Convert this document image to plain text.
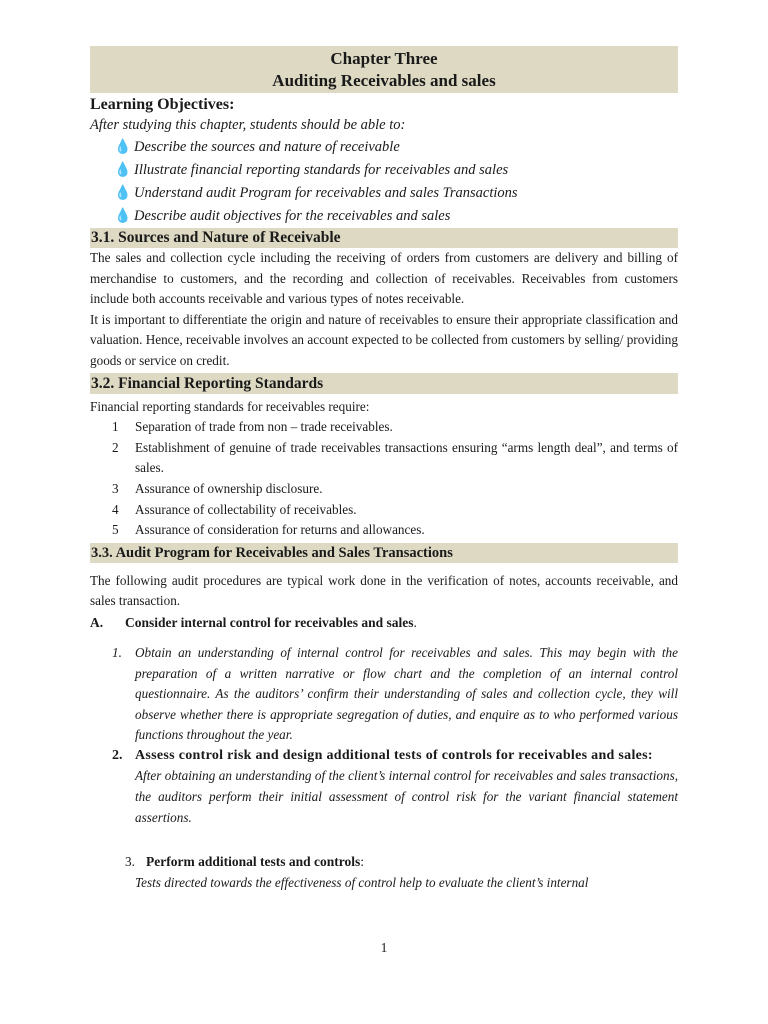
Chapter Three
Auditing Receivables and sales
Learning Objectives:
After studying this chapter, students should be able to:
💧 Describe the sources and nature of receivable
💧 Illustrate financial reporting standards for receivables and sales
💧 Understand audit Program for receivables and sales Transactions
💧 Describe audit objectives for the receivables and sales
3.1. Sources and Nature of Receivable

The sales and collection cycle including the receiving of orders from customers are delivery and billing of merchandise to customers, and the recording and collection of receivables. Receivables from customers include both accounts receivable and various types of notes receivable.

It is important to differentiate the origin and nature of receivables to ensure their appropriate classification and valuation. Hence, receivable involves an account expected to be collected from customers by selling/ providing goods or service on credit.

3.2. Financial Reporting Standards
Financial reporting standards for receivables require:
1 Separation of trade from non – trade receivables.
2 Establishment of genuine of trade receivables transactions ensuring “arms length deal”, and terms of sales.
3 Assurance of ownership disclosure.
4 Assurance of collectability of receivables.
5 Assurance of consideration for returns and allowances.
3.3. Audit Program for Receivables and Sales Transactions

The following audit procedures are typical work done in the verification of notes, accounts receivable, and sales transaction.

A. Consider internal control for receivables and sales.
1. Obtain an understanding of internal control for receivables and sales. This may begin with the preparation of a written narrative or flow chart and the completion of an internal control questionnaire. As the auditors’ confirm their understanding of sales and collection cycle, they will observe whether there is appropriate segregation of duties, and enquire as to who performed various functions throughout the year.

2. Assess control risk and design additional tests of controls for receivables and sales:

After obtaining an understanding of the client’s internal control for receivables and sales transactions, the auditors perform their initial assessment of control risk for the variant financial statement assertions.

3. Perform additional tests and controls:

Tests directed towards the effectiveness of control help to evaluate the client’s internal

1
